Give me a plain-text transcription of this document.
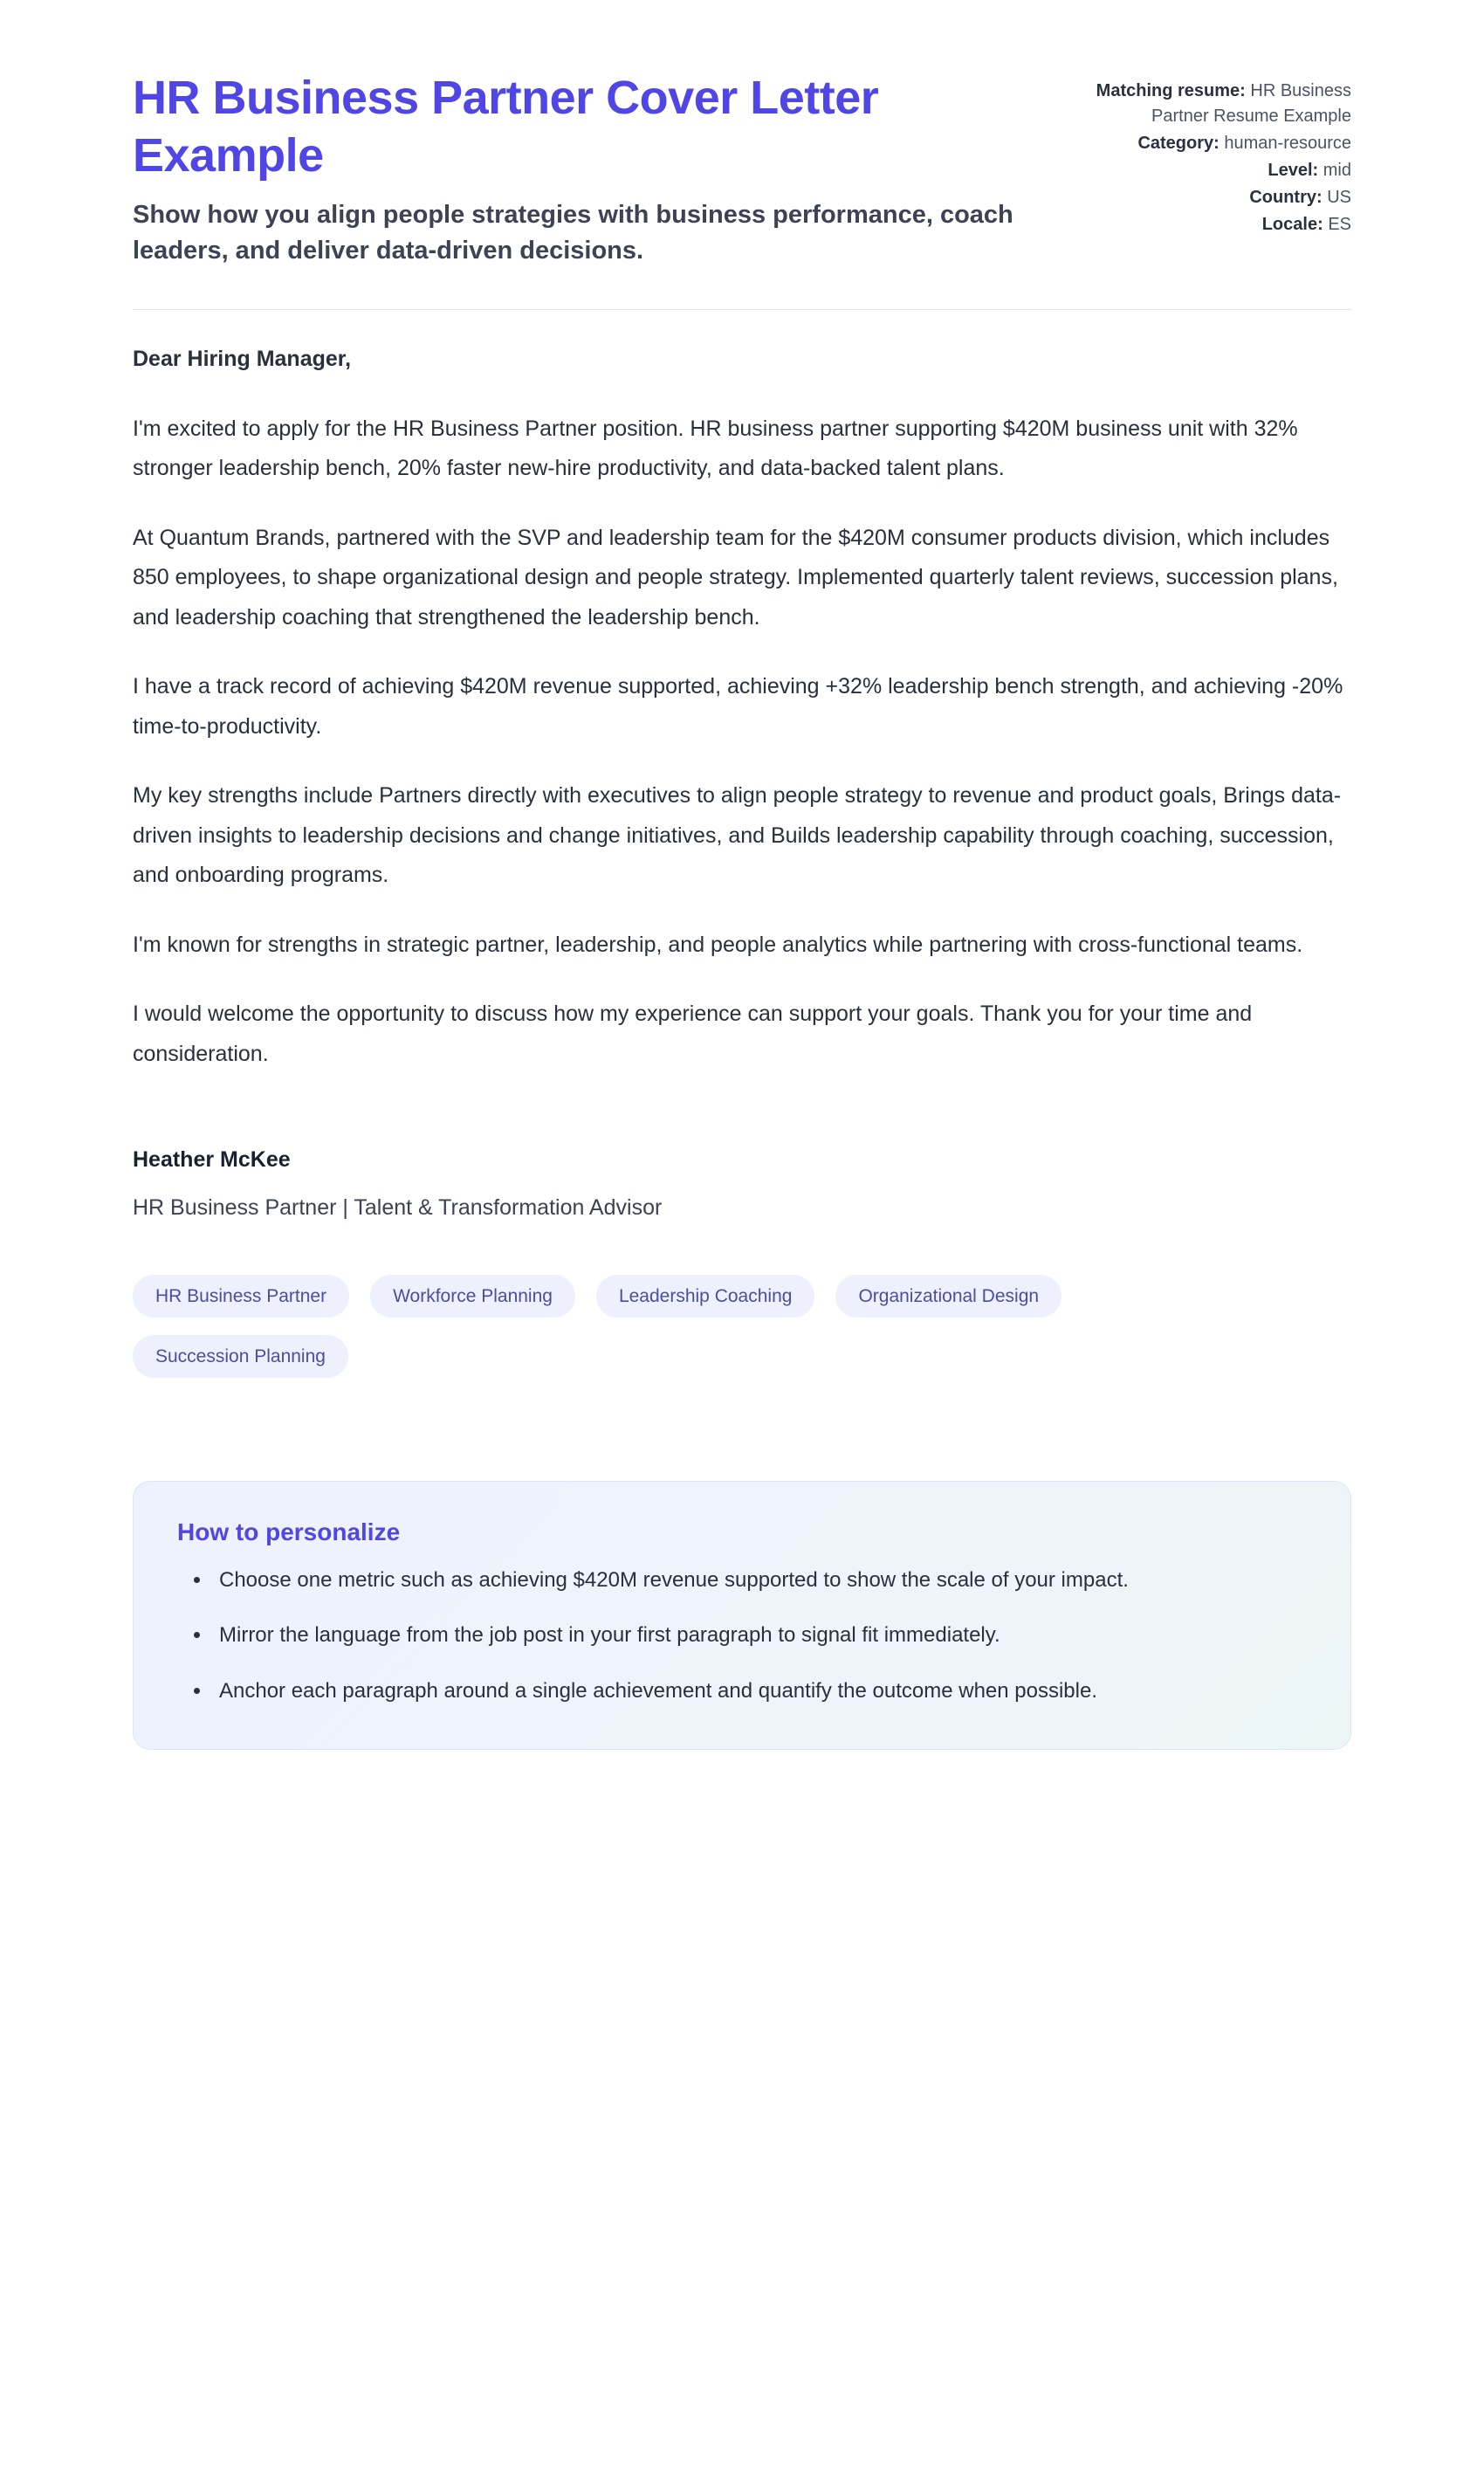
HR Business Partner Cover Letter Example

Show how you align people strategies with business performance, coach leaders, and deliver data-driven decisions.

Matching resume: HR Business Partner Resume Example
Category: human-resource
Level: mid
Country: US
Locale: ES

Dear Hiring Manager,

I'm excited to apply for the HR Business Partner position. HR business partner supporting $420M business unit with 32% stronger leadership bench, 20% faster new-hire productivity, and data-backed talent plans.

At Quantum Brands, partnered with the SVP and leadership team for the $420M consumer products division, which includes 850 employees, to shape organizational design and people strategy. Implemented quarterly talent reviews, succession plans, and leadership coaching that strengthened the leadership bench.

I have a track record of achieving $420M revenue supported, achieving +32% leadership bench strength, and achieving -20% time-to-productivity.

My key strengths include Partners directly with executives to align people strategy to revenue and product goals, Brings data-driven insights to leadership decisions and change initiatives, and Builds leadership capability through coaching, succession, and onboarding programs.

I'm known for strengths in strategic partner, leadership, and people analytics while partnering with cross-functional teams.

I would welcome the opportunity to discuss how my experience can support your goals. Thank you for your time and consideration.

Heather McKee
HR Business Partner | Talent & Transformation Advisor
HR Business Partner	Workforce Planning	Leadership Coaching	Organizational Design
Succession Planning
How to personalize
• Choose one metric such as achieving $420M revenue supported to show the scale of your impact.
• Mirror the language from the job post in your first paragraph to signal fit immediately.
• Anchor each paragraph around a single achievement and quantify the outcome when possible.
